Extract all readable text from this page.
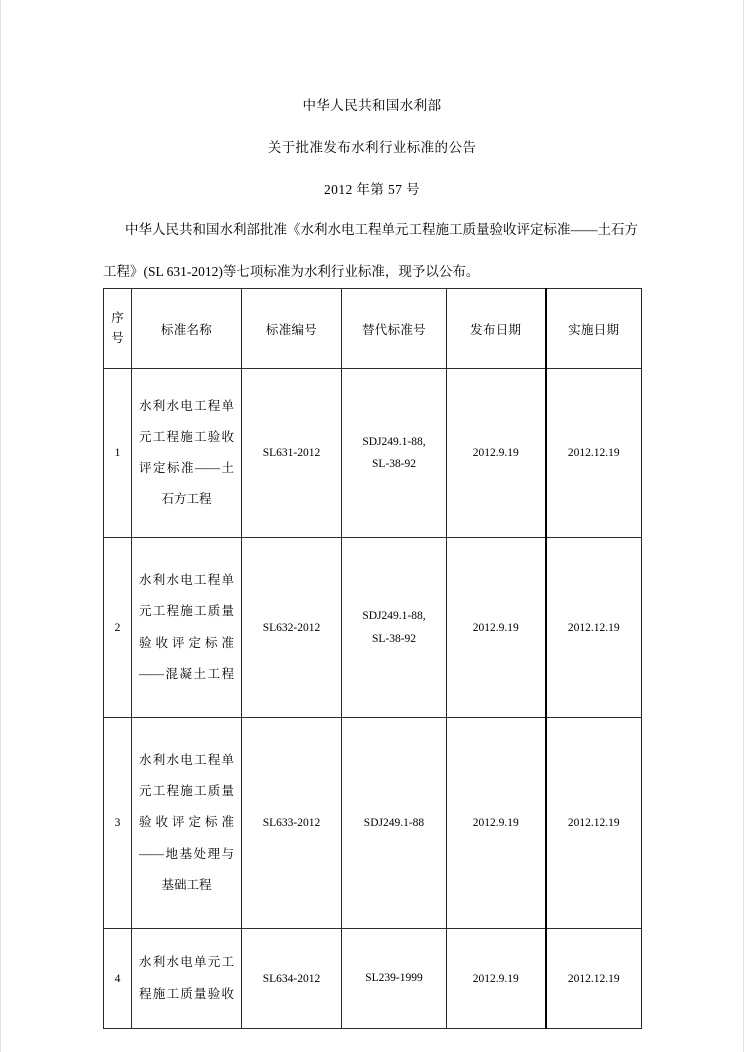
中华人民共和国水利部
关于批准发布水利行业标准的公告
2012 年第 57 号
中华人民共和国水利部批准《水利水电工程单元工程施工质量验收评定标准——土石方
工程》(SL 631-2012)等七项标准为水利行业标准，现予以公布。
序
号	标准名称	标准编号	替代标准号	发布日期	实施日期
1	水利水电工程单
元工程施工验收
评定标准——土
石方工程	SL631-2012	SDJ249.1-88,
SL-38-92	2012.9.19	2012.12.19
2	水利水电工程单
元工程施工质量
验收评定标准
——混凝土工程	SL632-2012	SDJ249.1-88,
SL-38-92	2012.9.19	2012.12.19
3	水利水电工程单
元工程施工质量
验收评定标准
——地基处理与
基础工程	SL633-2012	SDJ249.1-88	2012.9.19	2012.12.19
4	水利水电单元工
程施工质量验收	SL634-2012	SL239-1999	2012.9.19	2012.12.19
